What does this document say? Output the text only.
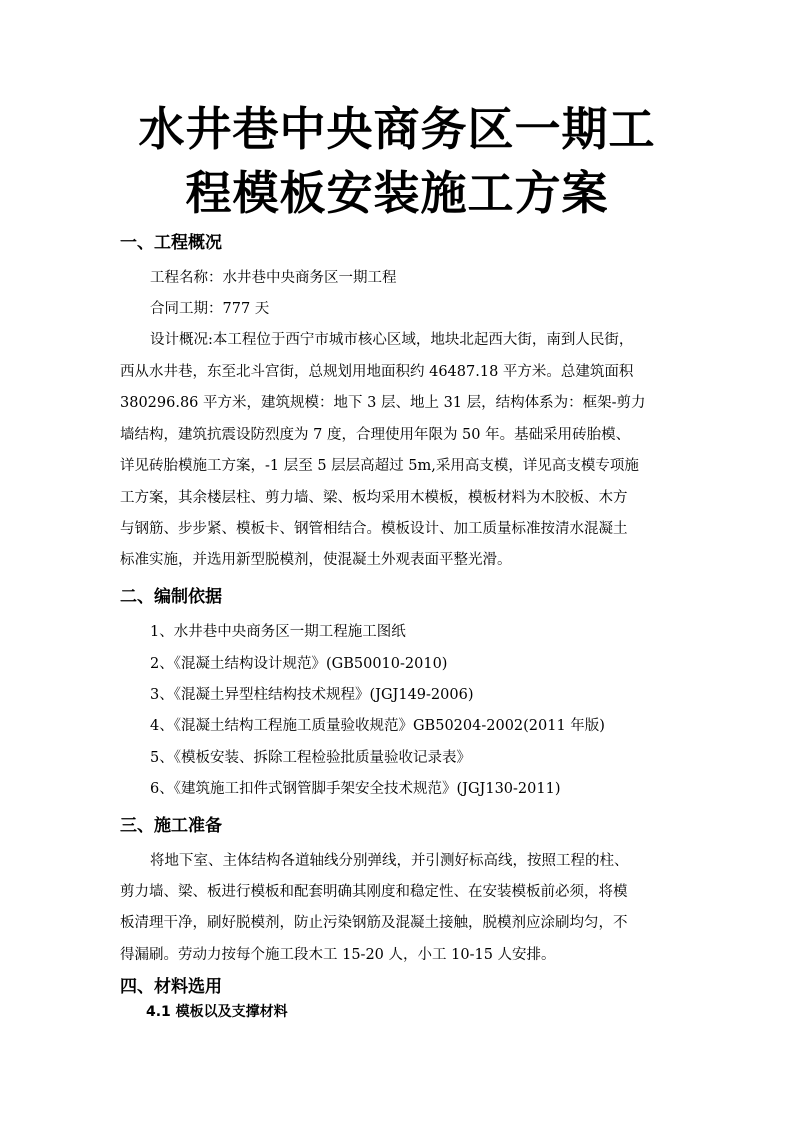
水井巷中央商务区一期工
程模板安装施工方案
一、工程概况

工程名称：水井巷中央商务区一期工程

合同工期：777 天

设计概况:本工程位于西宁市城市核心区域，地块北起西大街，南到人民街，

西从水井巷，东至北斗宫街，总规划用地面积约 46487.18 平方米。总建筑面积

380296.86 平方米，建筑规模：地下 3 层、地上 31 层，结构体系为：框架-剪力

墙结构，建筑抗震设防烈度为 7 度，合理使用年限为 50 年。基础采用砖胎模、

详见砖胎模施工方案，-1 层至 5 层层高超过 5m,采用高支模，详见高支模专项施

工方案，其余楼层柱、剪力墙、梁、板均采用木模板，模板材料为木胶板、木方

与钢筋、步步紧、模板卡、钢管相结合。模板设计、加工质量标准按清水混凝土

标准实施，并选用新型脱模剂，使混凝土外观表面平整光滑。

二、编制依据

1、水井巷中央商务区一期工程施工图纸

2、《混凝土结构设计规范》(GB50010-2010)

3、《混凝土异型柱结构技术规程》(JGJ149-2006)

4、《混凝土结构工程施工质量验收规范》GB50204-2002(2011 年版)

5、《模板安装、拆除工程检验批质量验收记录表》

6、《建筑施工扣件式钢管脚手架安全技术规范》(JGJ130-2011)

三、施工准备

将地下室、主体结构各道轴线分别弹线，并引测好标高线，按照工程的柱、

剪力墙、梁、板进行模板和配套明确其刚度和稳定性、在安装模板前必须，将模

板清理干净，刷好脱模剂，防止污染钢筋及混凝土接触，脱模剂应涂刷均匀，不

得漏刷。劳动力按每个施工段木工 15-20 人，小工 10-15 人安排。

四、材料选用
4.1 模板以及支撑材料
